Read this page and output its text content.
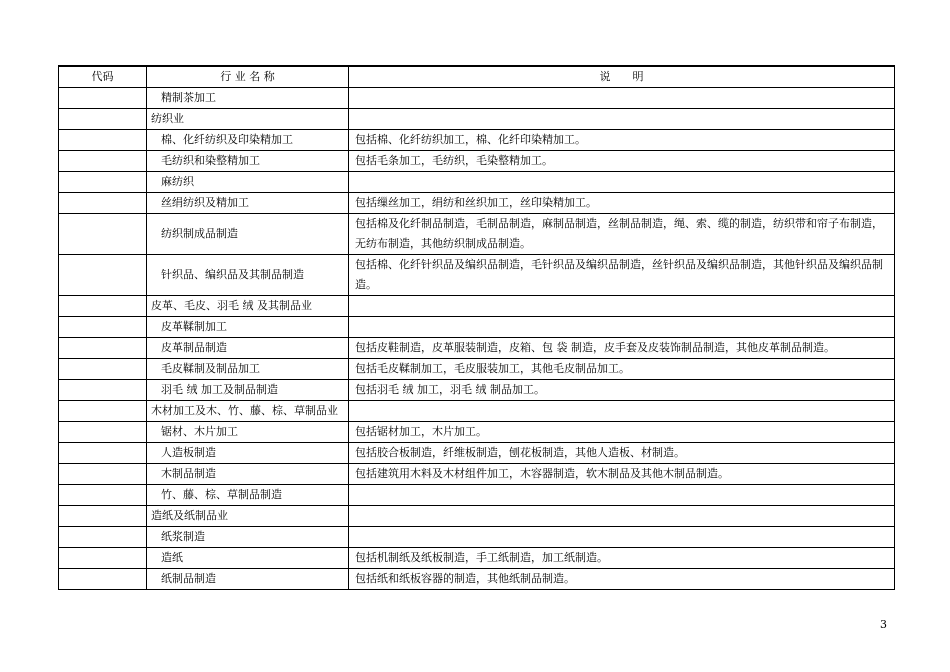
代码	行 业 名 称	说　　明
	精制茶加工	
	纺织业	
	棉、化纤纺织及印染精加工	包括棉、化纤纺织加工，棉、化纤印染精加工。
	毛纺织和染整精加工	包括毛条加工，毛纺织，毛染整精加工。
	麻纺织	
	丝绢纺织及精加工	包括缫丝加工，绢纺和丝织加工，丝印染精加工。
	纺织制成品制造	包括棉及化纤制品制造，毛制品制造，麻制品制造，丝制品制造，绳、索、缆的制造，纺织带和帘子布制造，无纺布制造，其他纺织制成品制造。
	针织品、编织品及其制品制造	包括棉、化纤针织品及编织品制造，毛针织品及编织品制造，丝针织品及编织品制造，其他针织品及编织品制造。
	皮革、毛皮、羽毛 绒 及其制品业	
	皮革鞣制加工	
	皮革制品制造	包括皮鞋制造，皮革服装制造，皮箱、包 袋 制造，皮手套及皮装饰制品制造，其他皮革制品制造。
	毛皮鞣制及制品加工	包括毛皮鞣制加工，毛皮服装加工，其他毛皮制品加工。
	羽毛 绒 加工及制品制造	包括羽毛 绒 加工，羽毛 绒 制品加工。
	木材加工及木、竹、藤、棕、草制品业	
	锯材、木片加工	包括锯材加工，木片加工。
	人造板制造	包括胶合板制造，纤维板制造，刨花板制造，其他人造板、材制造。
	木制品制造	包括建筑用木料及木材组件加工，木容器制造，软木制品及其他木制品制造。
	竹、藤、棕、草制品制造	
	造纸及纸制品业	
	纸浆制造	
	造纸	包括机制纸及纸板制造，手工纸制造，加工纸制造。
	纸制品制造	包括纸和纸板容器的制造，其他纸制品制造。
3
